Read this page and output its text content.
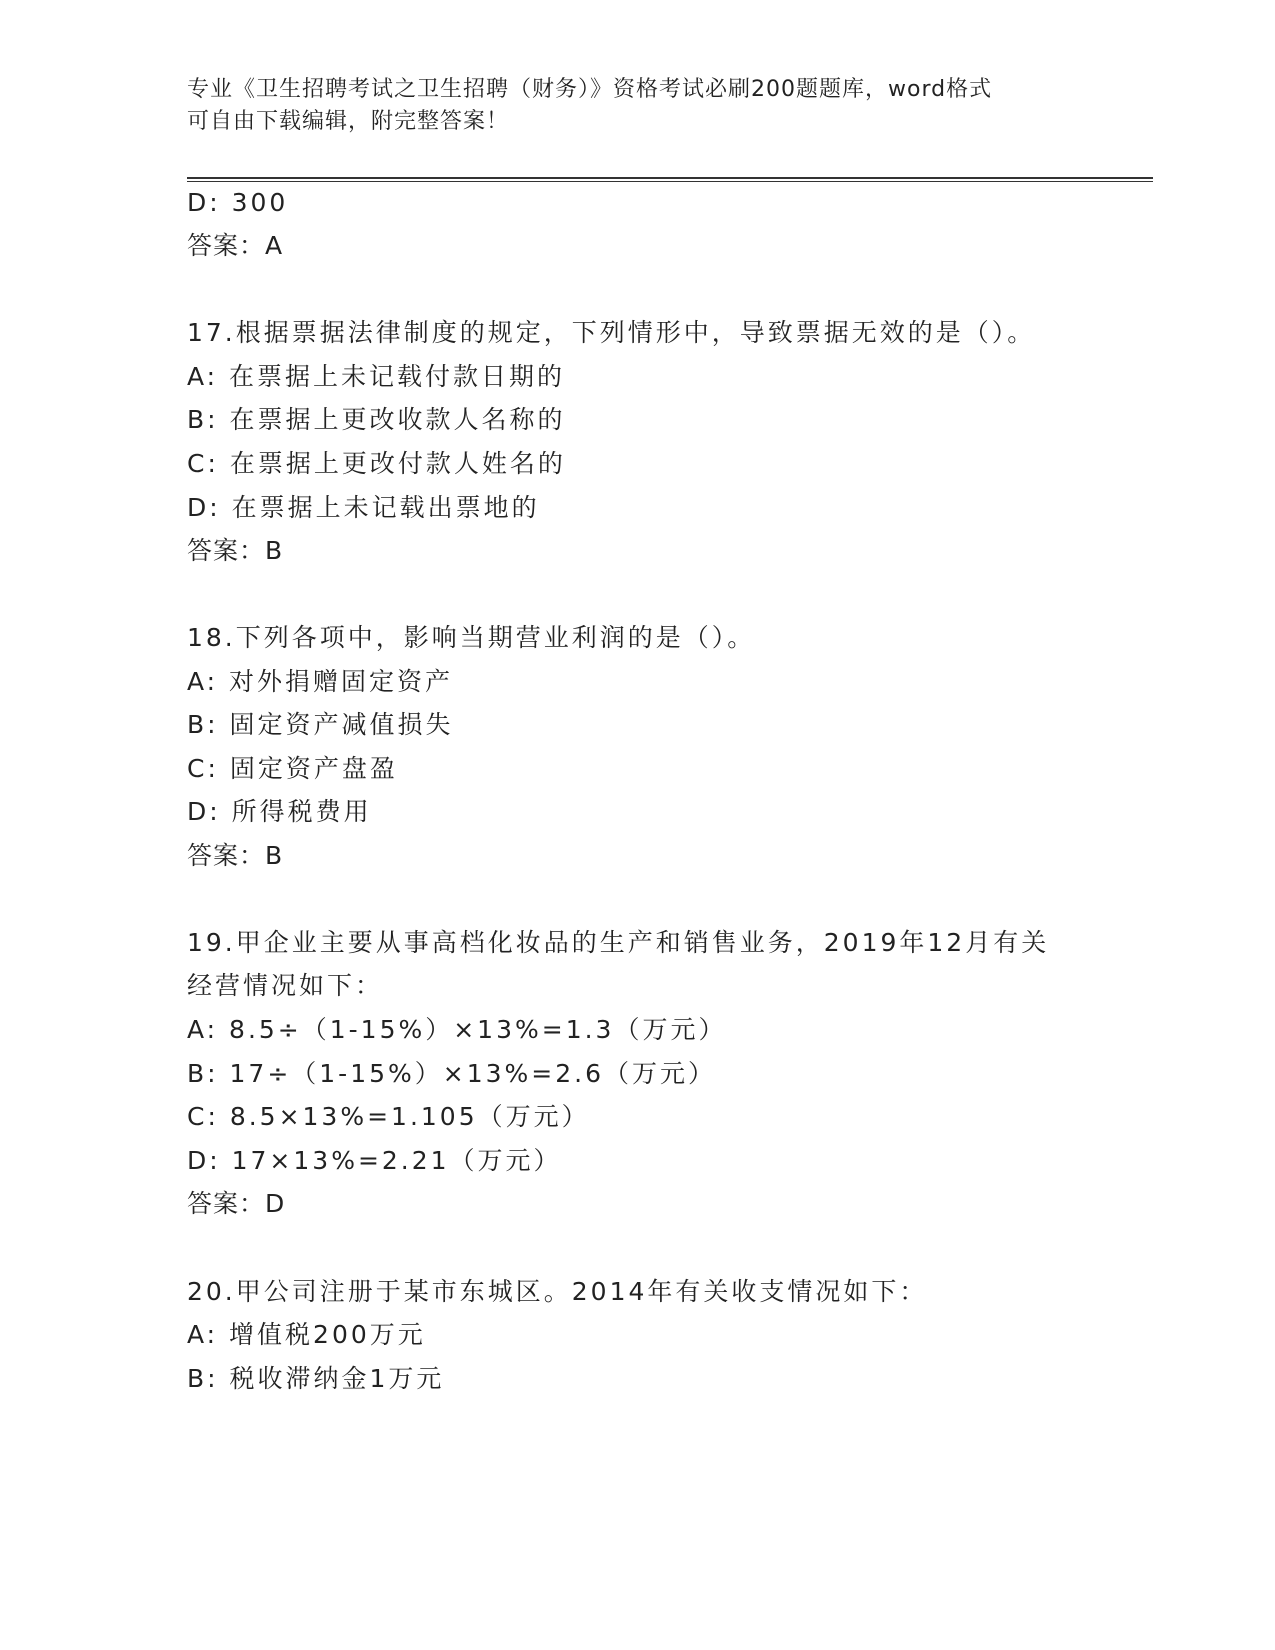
专业《卫生招聘考试之卫生招聘（财务）》资格考试必刷200题题库，word格式
可自由下载编辑，附完整答案！
D: 300
答案：A
17.根据票据法律制度的规定，下列情形中，导致票据无效的是（）。
A: 在票据上未记载付款日期的
B: 在票据上更改收款人名称的
C: 在票据上更改付款人姓名的
D: 在票据上未记载出票地的
答案：B
18.下列各项中，影响当期营业利润的是（）。
A: 对外捐赠固定资产
B: 固定资产减值损失
C: 固定资产盘盈
D: 所得税费用
答案：B
19.甲企业主要从事高档化妆品的生产和销售业务，2019年12月有关
经营情况如下：
A: 8.5÷（1-15%）×13%=1.3（万元）
B: 17÷（1-15%）×13%=2.6（万元）
C: 8.5×13%=1.105（万元）
D: 17×13%=2.21（万元）
答案：D
20.甲公司注册于某市东城区。2014年有关收支情况如下：
A: 增值税200万元
B: 税收滞纳金1万元
